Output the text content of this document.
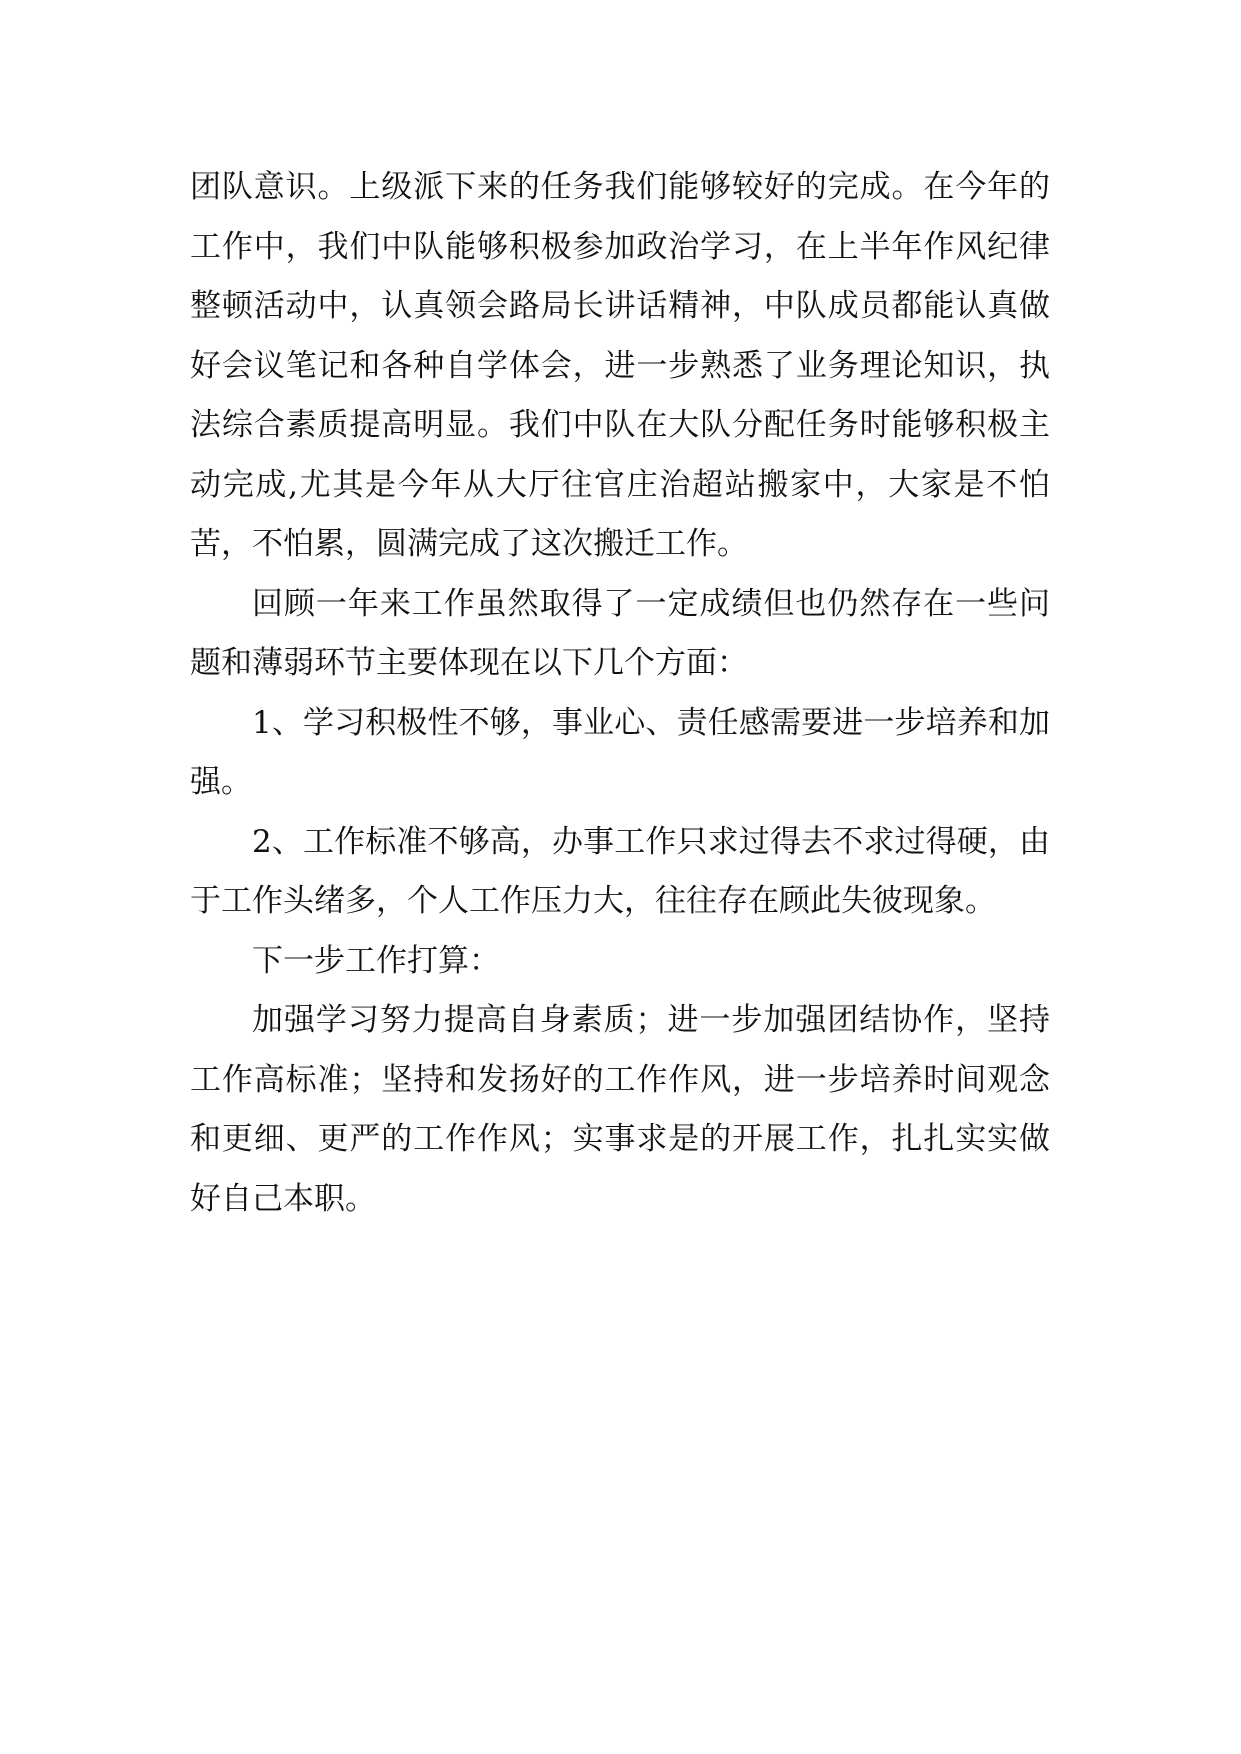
团队意识。上级派下来的任务我们能够较好的完成。在今年的工作中，我们中队能够积极参加政治学习，在上半年作风纪律整顿活动中，认真领会路局长讲话精神，中队成员都能认真做好会议笔记和各种自学体会，进一步熟悉了业务理论知识，执法综合素质提高明显。我们中队在大队分配任务时能够积极主动完成,尤其是今年从大厅往官庄治超站搬家中，大家是不怕苦，不怕累，圆满完成了这次搬迁工作。

回顾一年来工作虽然取得了一定成绩但也仍然存在一些问题和薄弱环节主要体现在以下几个方面：

1、学习积极性不够，事业心、责任感需要进一步培养和加强。

2、工作标准不够高，办事工作只求过得去不求过得硬，由于工作头绪多，个人工作压力大，往往存在顾此失彼现象。

下一步工作打算：

加强学习努力提高自身素质；进一步加强团结协作，坚持工作高标准；坚持和发扬好的工作作风，进一步培养时间观念和更细、更严的工作作风；实事求是的开展工作，扎扎实实做好自己本职。
